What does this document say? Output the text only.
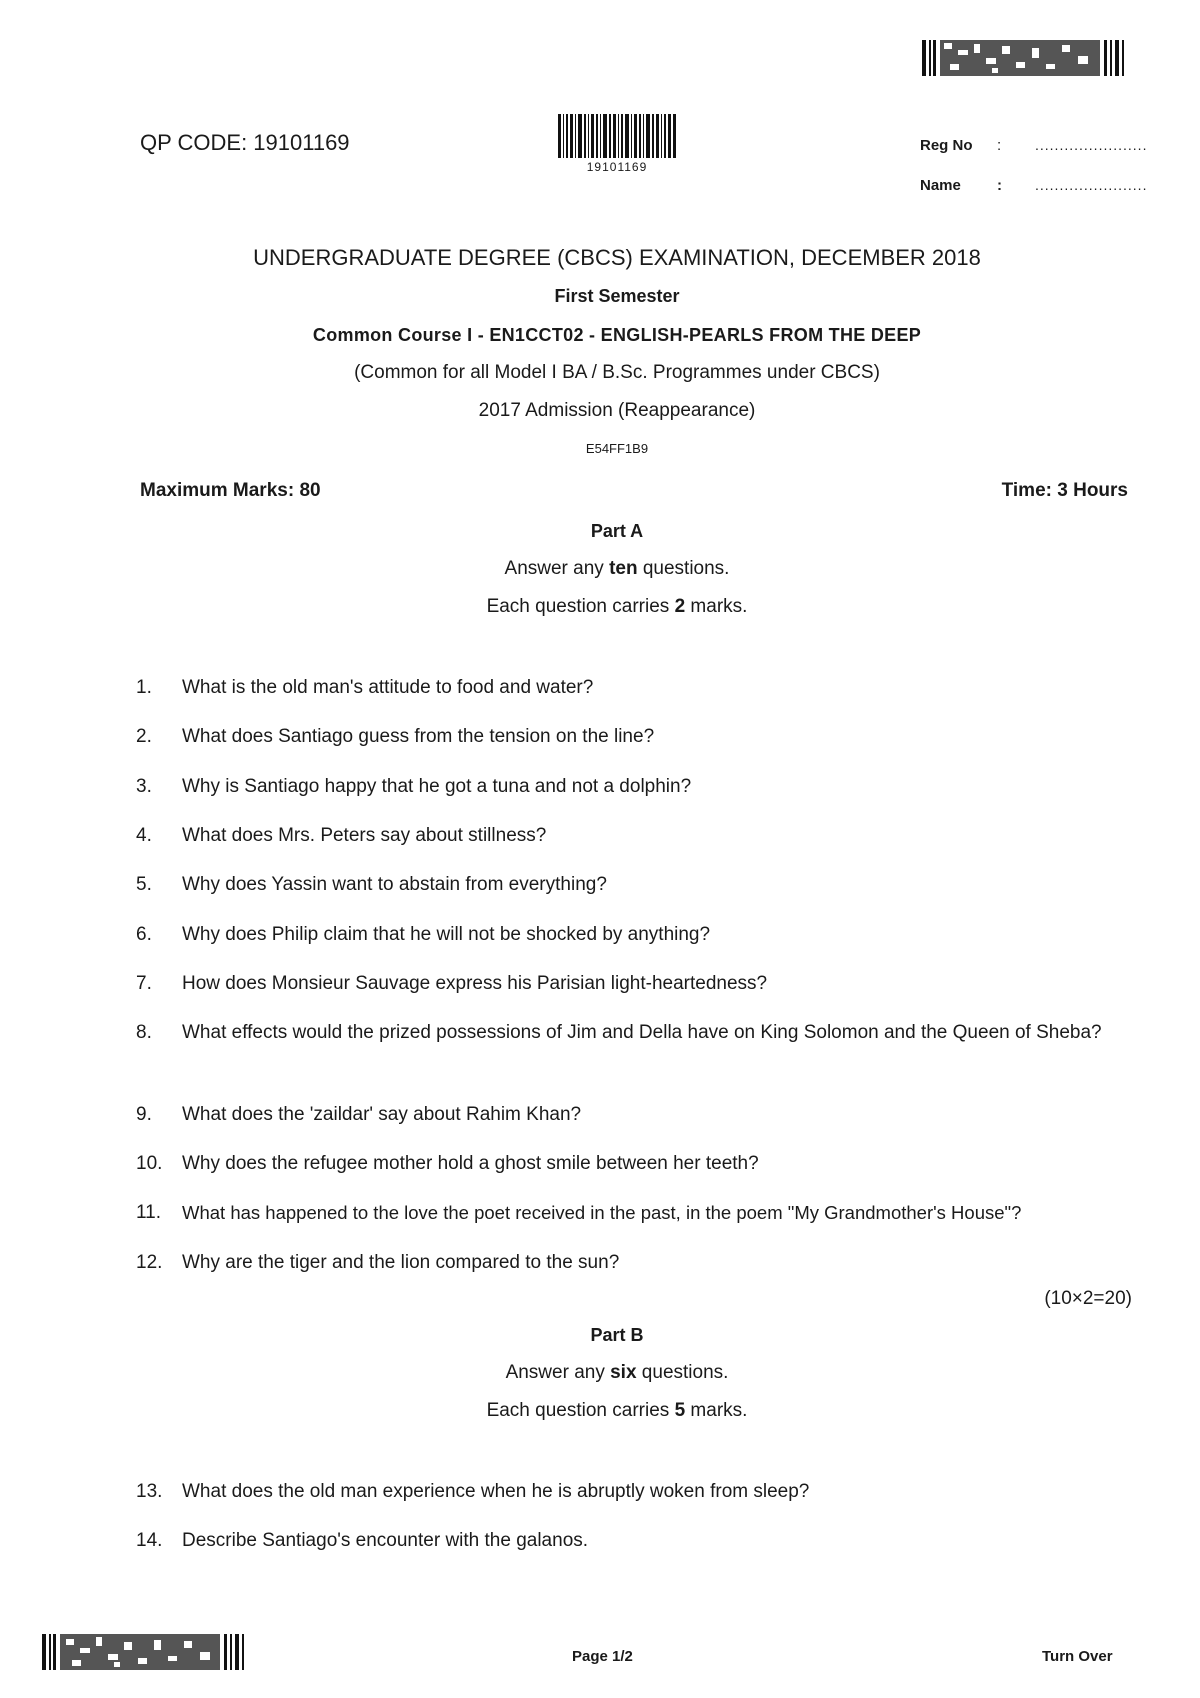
QP CODE: 19101169
19101169
Reg No : .......................
Name : .......................
UNDERGRADUATE DEGREE (CBCS) EXAMINATION, DECEMBER 2018
First Semester
Common Course I - EN1CCT02 - ENGLISH-PEARLS FROM THE DEEP
(Common for all Model I BA / B.Sc. Programmes under CBCS)
2017 Admission (Reappearance)
E54FF1B9
Maximum Marks: 80	Time: 3 Hours
Part A
Answer any ten questions.
Each question carries 2 marks.
1.	What is the old man's attitude to food and water?
2.	What does Santiago guess from the tension on the line?
3.	Why is Santiago happy that he got a tuna and not a dolphin?
4.	What does Mrs. Peters say about stillness?
5.	Why does Yassin want to abstain from everything?
6.	Why does Philip claim that he will not be shocked by anything?
7.	How does Monsieur Sauvage express his Parisian light-heartedness?
8.	What effects would the prized possessions of Jim and Della have on King Solomon and the Queen of Sheba?
9.	What does the 'zaildar' say about Rahim Khan?
10.	Why does the refugee mother hold a ghost smile between her teeth?
11.	What has happened to the love the poet received in the past, in the poem "My Grandmother's House"?
12.	Why are the tiger and the lion compared to the sun?
(10×2=20)
Part B
Answer any six questions.
Each question carries 5 marks.
13.	What does the old man experience when he is abruptly woken from sleep?
14.	Describe Santiago's encounter with the galanos.
Page 1/2	Turn Over
